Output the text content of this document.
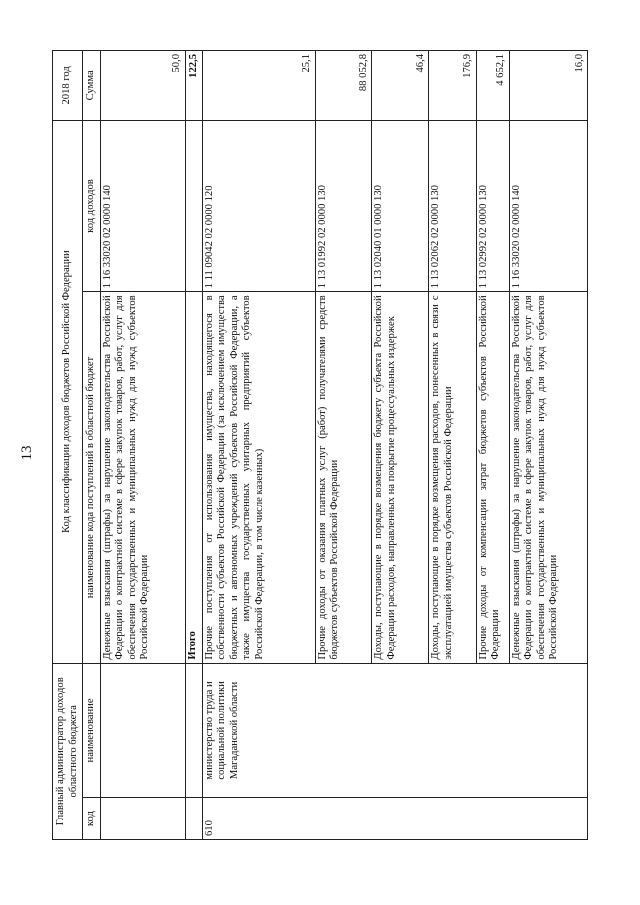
13
Главный администратор доходов областного бюджета		Код классификации доходов бюджетов Российской Федерации		2018 год
код	наименование	наименование кода поступлений в областной бюджет	код доходов	Сумма
		Денежные взыскания (штрафы) за нарушение законодательства Российской Федерации о контрактной системе в сфере закупок товаров, работ, услуг для обеспечения государственных и муниципальных нужд для нужд субъектов Российской Федерации	1 16 33020 02 0000 140	50,0
		Итого		122,5
610	министерство труда и социальной политики Магаданской области	Прочие поступления от использования имущества, находящегося в собственности субъектов Российской Федерации (за исключением имущества бюджетных и автономных учреждений субъектов Российской Федерации, а также имущества государственных унитарных предприятий субъектов Российской Федерации, в том числе казенных)	1 11 09042 02 0000 120	25,1
		Прочие доходы от оказания платных услуг (работ) получателями средств бюджетов субъектов Российской Федерации	1 13 01992 02 0000 130	88 052,8
		Доходы, поступающие в порядке возмещения бюджету субъекта Российской Федерации расходов, направленных на покрытие процессуальных издержек	1 13 02040 01 0000 130	46,4
		Доходы, поступающие в порядке возмещения расходов, понесенных в связи с эксплуатацией имущества субъектов Российской Федерации	1 13 02062 02 0000 130	176,9
		Прочие доходы от компенсации затрат бюджетов субъектов Российской Федерации	1 13 02992 02 0000 130	4 652,1
		Денежные взыскания (штрафы) за нарушение законодательства Российской Федерации о контрактной системе в сфере закупок товаров, работ, услуг для обеспечения государственных и муниципальных нужд для нужд субъектов Российской Федерации	1 16 33020 02 0000 140	16,0
